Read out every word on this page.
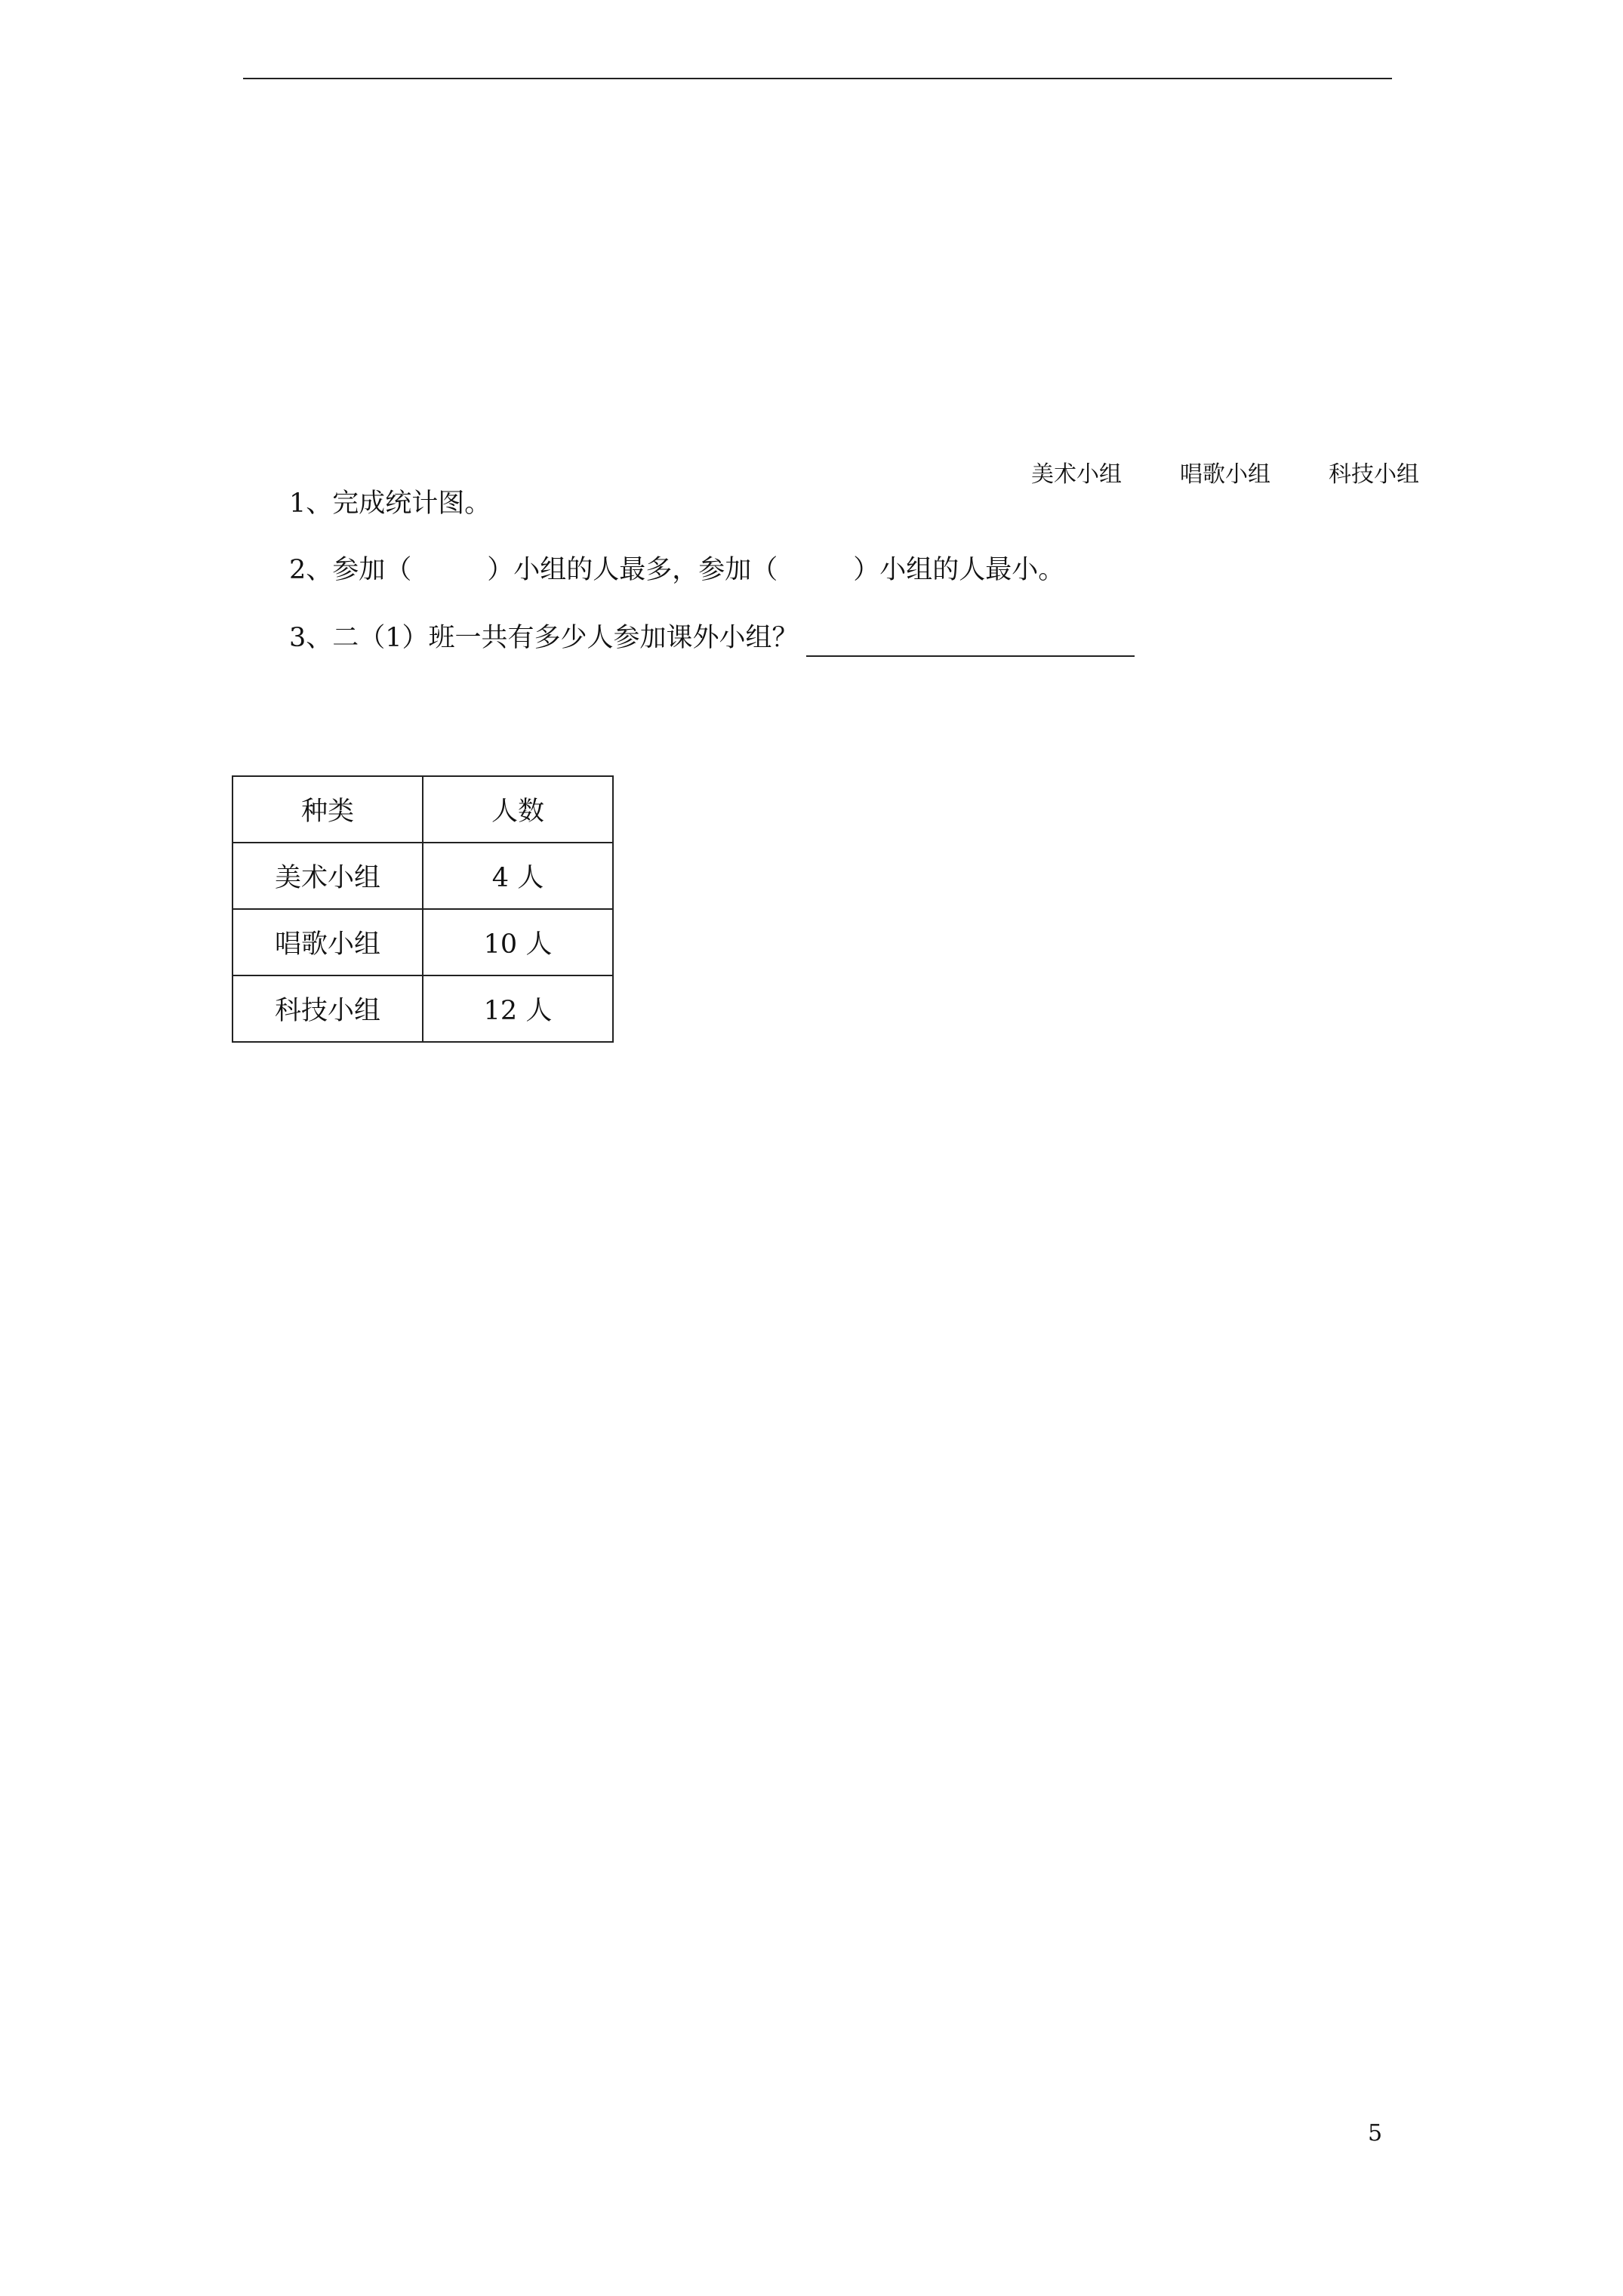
美术小组	唱歌小组	科技小组
1、完成统计图。
2、参加（	）小组的人最多，参加（	）小组的人最小。
3、二（1）班一共有多少人参加课外小组？
种类	人数
美术小组	4 人
唱歌小组	10 人
科技小组	12 人
5
